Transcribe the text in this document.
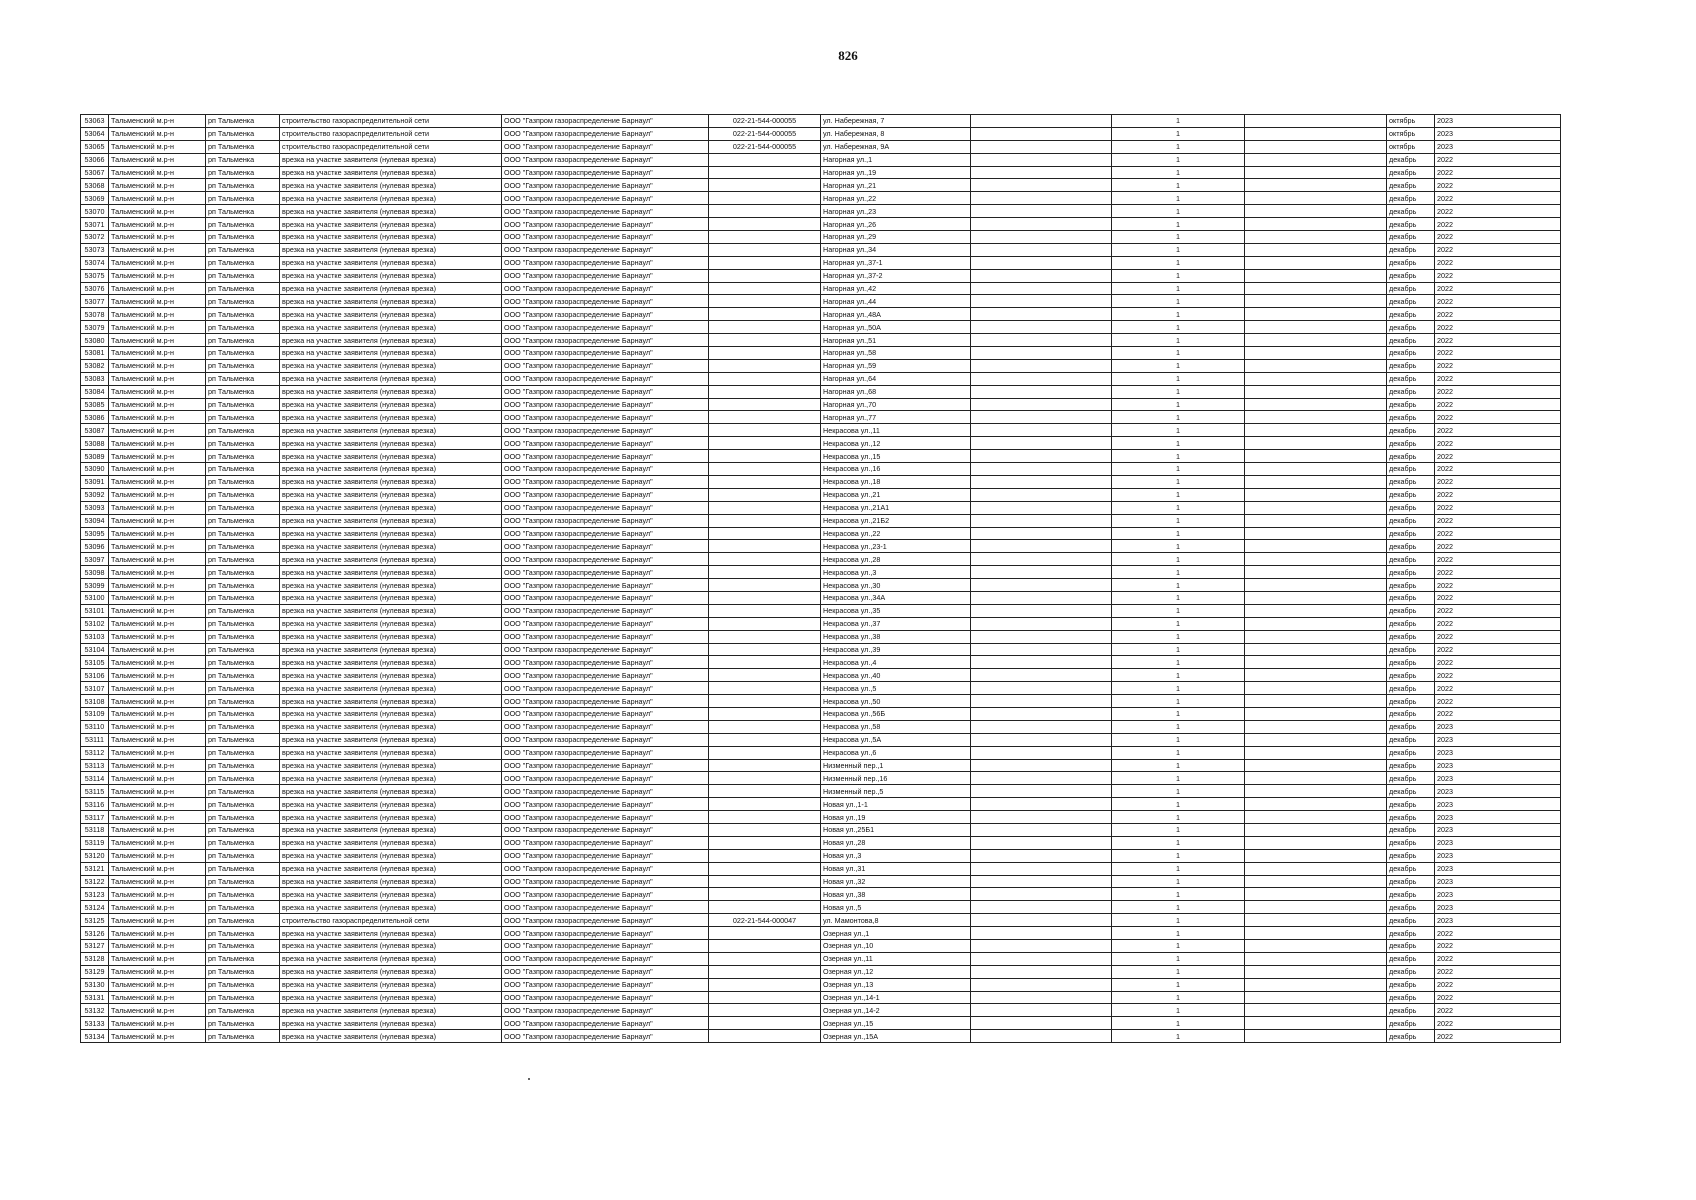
826
53063	Тальменский м.р-н	рп Тальменка	строительство газораспределительной сети	ООО "Газпром газораспределение Барнаул"	022-21-544-000055	ул. Набережная, 7		1		октябрь	2023
53064	Тальменский м.р-н	рп Тальменка	строительство газораспределительной сети	ООО "Газпром газораспределение Барнаул"	022-21-544-000055	ул. Набережная, 8		1		октябрь	2023
53065	Тальменский м.р-н	рп Тальменка	строительство газораспределительной сети	ООО "Газпром газораспределение Барнаул"	022-21-544-000055	ул. Набережная, 9А		1		октябрь	2023
53066	Тальменский м.р-н	рп Тальменка	врезка на участке заявителя (нулевая врезка)	ООО "Газпром газораспределение Барнаул"		Нагорная ул.,1		1		декабрь	2022
53067	Тальменский м.р-н	рп Тальменка	врезка на участке заявителя (нулевая врезка)	ООО "Газпром газораспределение Барнаул"		Нагорная ул.,19		1		декабрь	2022
53068	Тальменский м.р-н	рп Тальменка	врезка на участке заявителя (нулевая врезка)	ООО "Газпром газораспределение Барнаул"		Нагорная ул.,21		1		декабрь	2022
53069	Тальменский м.р-н	рп Тальменка	врезка на участке заявителя (нулевая врезка)	ООО "Газпром газораспределение Барнаул"		Нагорная ул.,22		1		декабрь	2022
53070	Тальменский м.р-н	рп Тальменка	врезка на участке заявителя (нулевая врезка)	ООО "Газпром газораспределение Барнаул"		Нагорная ул.,23		1		декабрь	2022
53071	Тальменский м.р-н	рп Тальменка	врезка на участке заявителя (нулевая врезка)	ООО "Газпром газораспределение Барнаул"		Нагорная ул.,26		1		декабрь	2022
53072	Тальменский м.р-н	рп Тальменка	врезка на участке заявителя (нулевая врезка)	ООО "Газпром газораспределение Барнаул"		Нагорная ул.,29		1		декабрь	2022
53073	Тальменский м.р-н	рп Тальменка	врезка на участке заявителя (нулевая врезка)	ООО "Газпром газораспределение Барнаул"		Нагорная ул.,34		1		декабрь	2022
53074	Тальменский м.р-н	рп Тальменка	врезка на участке заявителя (нулевая врезка)	ООО "Газпром газораспределение Барнаул"		Нагорная ул.,37-1		1		декабрь	2022
53075	Тальменский м.р-н	рп Тальменка	врезка на участке заявителя (нулевая врезка)	ООО "Газпром газораспределение Барнаул"		Нагорная ул.,37-2		1		декабрь	2022
53076	Тальменский м.р-н	рп Тальменка	врезка на участке заявителя (нулевая врезка)	ООО "Газпром газораспределение Барнаул"		Нагорная ул.,42		1		декабрь	2022
53077	Тальменский м.р-н	рп Тальменка	врезка на участке заявителя (нулевая врезка)	ООО "Газпром газораспределение Барнаул"		Нагорная ул.,44		1		декабрь	2022
53078	Тальменский м.р-н	рп Тальменка	врезка на участке заявителя (нулевая врезка)	ООО "Газпром газораспределение Барнаул"		Нагорная ул.,48А		1		декабрь	2022
53079	Тальменский м.р-н	рп Тальменка	врезка на участке заявителя (нулевая врезка)	ООО "Газпром газораспределение Барнаул"		Нагорная ул.,50А		1		декабрь	2022
53080	Тальменский м.р-н	рп Тальменка	врезка на участке заявителя (нулевая врезка)	ООО "Газпром газораспределение Барнаул"		Нагорная ул.,51		1		декабрь	2022
53081	Тальменский м.р-н	рп Тальменка	врезка на участке заявителя (нулевая врезка)	ООО "Газпром газораспределение Барнаул"		Нагорная ул.,58		1		декабрь	2022
53082	Тальменский м.р-н	рп Тальменка	врезка на участке заявителя (нулевая врезка)	ООО "Газпром газораспределение Барнаул"		Нагорная ул.,59		1		декабрь	2022
53083	Тальменский м.р-н	рп Тальменка	врезка на участке заявителя (нулевая врезка)	ООО "Газпром газораспределение Барнаул"		Нагорная ул.,64		1		декабрь	2022
53084	Тальменский м.р-н	рп Тальменка	врезка на участке заявителя (нулевая врезка)	ООО "Газпром газораспределение Барнаул"		Нагорная ул.,68		1		декабрь	2022
53085	Тальменский м.р-н	рп Тальменка	врезка на участке заявителя (нулевая врезка)	ООО "Газпром газораспределение Барнаул"		Нагорная ул.,70		1		декабрь	2022
53086	Тальменский м.р-н	рп Тальменка	врезка на участке заявителя (нулевая врезка)	ООО "Газпром газораспределение Барнаул"		Нагорная ул.,77		1		декабрь	2022
53087	Тальменский м.р-н	рп Тальменка	врезка на участке заявителя (нулевая врезка)	ООО "Газпром газораспределение Барнаул"		Некрасова ул.,11		1		декабрь	2022
53088	Тальменский м.р-н	рп Тальменка	врезка на участке заявителя (нулевая врезка)	ООО "Газпром газораспределение Барнаул"		Некрасова ул.,12		1		декабрь	2022
53089	Тальменский м.р-н	рп Тальменка	врезка на участке заявителя (нулевая врезка)	ООО "Газпром газораспределение Барнаул"		Некрасова ул.,15		1		декабрь	2022
53090	Тальменский м.р-н	рп Тальменка	врезка на участке заявителя (нулевая врезка)	ООО "Газпром газораспределение Барнаул"		Некрасова ул.,16		1		декабрь	2022
53091	Тальменский м.р-н	рп Тальменка	врезка на участке заявителя (нулевая врезка)	ООО "Газпром газораспределение Барнаул"		Некрасова ул.,18		1		декабрь	2022
53092	Тальменский м.р-н	рп Тальменка	врезка на участке заявителя (нулевая врезка)	ООО "Газпром газораспределение Барнаул"		Некрасова ул.,21		1		декабрь	2022
53093	Тальменский м.р-н	рп Тальменка	врезка на участке заявителя (нулевая врезка)	ООО "Газпром газораспределение Барнаул"		Некрасова ул.,21А1		1		декабрь	2022
53094	Тальменский м.р-н	рп Тальменка	врезка на участке заявителя (нулевая врезка)	ООО "Газпром газораспределение Барнаул"		Некрасова ул.,21Б2		1		декабрь	2022
53095	Тальменский м.р-н	рп Тальменка	врезка на участке заявителя (нулевая врезка)	ООО "Газпром газораспределение Барнаул"		Некрасова ул.,22		1		декабрь	2022
53096	Тальменский м.р-н	рп Тальменка	врезка на участке заявителя (нулевая врезка)	ООО "Газпром газораспределение Барнаул"		Некрасова ул.,23-1		1		декабрь	2022
53097	Тальменский м.р-н	рп Тальменка	врезка на участке заявителя (нулевая врезка)	ООО "Газпром газораспределение Барнаул"		Некрасова ул.,28		1		декабрь	2022
53098	Тальменский м.р-н	рп Тальменка	врезка на участке заявителя (нулевая врезка)	ООО "Газпром газораспределение Барнаул"		Некрасова ул.,3		1		декабрь	2022
53099	Тальменский м.р-н	рп Тальменка	врезка на участке заявителя (нулевая врезка)	ООО "Газпром газораспределение Барнаул"		Некрасова ул.,30		1		декабрь	2022
53100	Тальменский м.р-н	рп Тальменка	врезка на участке заявителя (нулевая врезка)	ООО "Газпром газораспределение Барнаул"		Некрасова ул.,34А		1		декабрь	2022
53101	Тальменский м.р-н	рп Тальменка	врезка на участке заявителя (нулевая врезка)	ООО "Газпром газораспределение Барнаул"		Некрасова ул.,35		1		декабрь	2022
53102	Тальменский м.р-н	рп Тальменка	врезка на участке заявителя (нулевая врезка)	ООО "Газпром газораспределение Барнаул"		Некрасова ул.,37		1		декабрь	2022
53103	Тальменский м.р-н	рп Тальменка	врезка на участке заявителя (нулевая врезка)	ООО "Газпром газораспределение Барнаул"		Некрасова ул.,38		1		декабрь	2022
53104	Тальменский м.р-н	рп Тальменка	врезка на участке заявителя (нулевая врезка)	ООО "Газпром газораспределение Барнаул"		Некрасова ул.,39		1		декабрь	2022
53105	Тальменский м.р-н	рп Тальменка	врезка на участке заявителя (нулевая врезка)	ООО "Газпром газораспределение Барнаул"		Некрасова ул.,4		1		декабрь	2022
53106	Тальменский м.р-н	рп Тальменка	врезка на участке заявителя (нулевая врезка)	ООО "Газпром газораспределение Барнаул"		Некрасова ул.,40		1		декабрь	2022
53107	Тальменский м.р-н	рп Тальменка	врезка на участке заявителя (нулевая врезка)	ООО "Газпром газораспределение Барнаул"		Некрасова ул.,5		1		декабрь	2022
53108	Тальменский м.р-н	рп Тальменка	врезка на участке заявителя (нулевая врезка)	ООО "Газпром газораспределение Барнаул"		Некрасова ул.,50		1		декабрь	2022
53109	Тальменский м.р-н	рп Тальменка	врезка на участке заявителя (нулевая врезка)	ООО "Газпром газораспределение Барнаул"		Некрасова ул.,56Б		1		декабрь	2022
53110	Тальменский м.р-н	рп Тальменка	врезка на участке заявителя (нулевая врезка)	ООО "Газпром газораспределение Барнаул"		Некрасова ул.,58		1		декабрь	2023
53111	Тальменский м.р-н	рп Тальменка	врезка на участке заявителя (нулевая врезка)	ООО "Газпром газораспределение Барнаул"		Некрасова ул.,5А		1		декабрь	2023
53112	Тальменский м.р-н	рп Тальменка	врезка на участке заявителя (нулевая врезка)	ООО "Газпром газораспределение Барнаул"		Некрасова ул.,6		1		декабрь	2023
53113	Тальменский м.р-н	рп Тальменка	врезка на участке заявителя (нулевая врезка)	ООО "Газпром газораспределение Барнаул"		Низменный пер.,1		1		декабрь	2023
53114	Тальменский м.р-н	рп Тальменка	врезка на участке заявителя (нулевая врезка)	ООО "Газпром газораспределение Барнаул"		Низменный пер.,16		1		декабрь	2023
53115	Тальменский м.р-н	рп Тальменка	врезка на участке заявителя (нулевая врезка)	ООО "Газпром газораспределение Барнаул"		Низменный пер.,5		1		декабрь	2023
53116	Тальменский м.р-н	рп Тальменка	врезка на участке заявителя (нулевая врезка)	ООО "Газпром газораспределение Барнаул"		Новая ул.,1-1		1		декабрь	2023
53117	Тальменский м.р-н	рп Тальменка	врезка на участке заявителя (нулевая врезка)	ООО "Газпром газораспределение Барнаул"		Новая ул.,19		1		декабрь	2023
53118	Тальменский м.р-н	рп Тальменка	врезка на участке заявителя (нулевая врезка)	ООО "Газпром газораспределение Барнаул"		Новая ул.,25Б1		1		декабрь	2023
53119	Тальменский м.р-н	рп Тальменка	врезка на участке заявителя (нулевая врезка)	ООО "Газпром газораспределение Барнаул"		Новая ул.,28		1		декабрь	2023
53120	Тальменский м.р-н	рп Тальменка	врезка на участке заявителя (нулевая врезка)	ООО "Газпром газораспределение Барнаул"		Новая ул.,3		1		декабрь	2023
53121	Тальменский м.р-н	рп Тальменка	врезка на участке заявителя (нулевая врезка)	ООО "Газпром газораспределение Барнаул"		Новая ул.,31		1		декабрь	2023
53122	Тальменский м.р-н	рп Тальменка	врезка на участке заявителя (нулевая врезка)	ООО "Газпром газораспределение Барнаул"		Новая ул.,32		1		декабрь	2023
53123	Тальменский м.р-н	рп Тальменка	врезка на участке заявителя (нулевая врезка)	ООО "Газпром газораспределение Барнаул"		Новая ул.,38		1		декабрь	2023
53124	Тальменский м.р-н	рп Тальменка	врезка на участке заявителя (нулевая врезка)	ООО "Газпром газораспределение Барнаул"		Новая ул.,5		1		декабрь	2023
53125	Тальменский м.р-н	рп Тальменка	строительство газораспределительной сети	ООО "Газпром газораспределение Барнаул"	022-21-544-000047	ул. Мамонтова,8		1		декабрь	2023
53126	Тальменский м.р-н	рп Тальменка	врезка на участке заявителя (нулевая врезка)	ООО "Газпром газораспределение Барнаул"		Озерная ул.,1		1		декабрь	2022
53127	Тальменский м.р-н	рп Тальменка	врезка на участке заявителя (нулевая врезка)	ООО "Газпром газораспределение Барнаул"		Озерная ул.,10		1		декабрь	2022
53128	Тальменский м.р-н	рп Тальменка	врезка на участке заявителя (нулевая врезка)	ООО "Газпром газораспределение Барнаул"		Озерная ул.,11		1		декабрь	2022
53129	Тальменский м.р-н	рп Тальменка	врезка на участке заявителя (нулевая врезка)	ООО "Газпром газораспределение Барнаул"		Озерная ул.,12		1		декабрь	2022
53130	Тальменский м.р-н	рп Тальменка	врезка на участке заявителя (нулевая врезка)	ООО "Газпром газораспределение Барнаул"		Озерная ул.,13		1		декабрь	2022
53131	Тальменский м.р-н	рп Тальменка	врезка на участке заявителя (нулевая врезка)	ООО "Газпром газораспределение Барнаул"		Озерная ул.,14-1		1		декабрь	2022
53132	Тальменский м.р-н	рп Тальменка	врезка на участке заявителя (нулевая врезка)	ООО "Газпром газораспределение Барнаул"		Озерная ул.,14-2		1		декабрь	2022
53133	Тальменский м.р-н	рп Тальменка	врезка на участке заявителя (нулевая врезка)	ООО "Газпром газораспределение Барнаул"		Озерная ул.,15		1		декабрь	2022
53134	Тальменский м.р-н	рп Тальменка	врезка на участке заявителя (нулевая врезка)	ООО "Газпром газораспределение Барнаул"		Озерная ул.,15А		1		декабрь	2022
